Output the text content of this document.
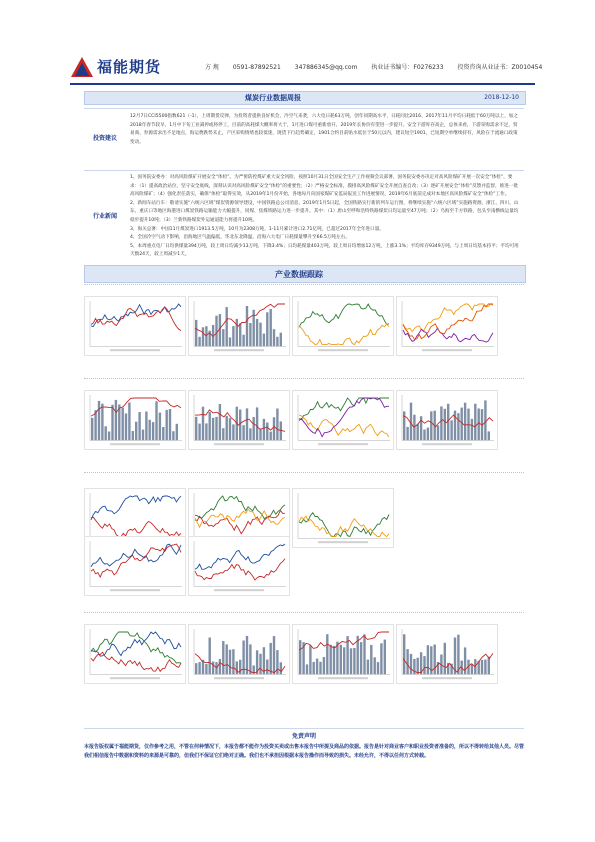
福能期货	方 规 0591-87892521 347886345@qq.com 执业证书编号：F0276233 投资咨询从业证书：Z0010454
煤炭行业数据周报	2018-12-10
投资建议
12月7日CCI5500指数621（-1），上周期货反弹，为投资者提供良好机会，冷空气来袭，六大电日耗63万吨，创年同期高水平，日耗同比2016、2017年11月平均日耗低于60万吨以上，加之2018年春节较早，1月中下旬工业减停或将停工，目前的高耗煤大概率将大于，1月进口煤可重新放开，2019年长协价有望进一步提升。安全下游库存高企，总体来看，下游采购需求不足，贸易商、券源需求出不足地点，海运费跌势未止，产区采购情绪也较低迷，现货下行趋势确定，1901合约目前贴水低位于50元以内，建议短空1901，已短期空单继续持有，风险在于流通口政策变动。
行业新闻

1、国务院安委办：对高风险煤矿开展安全“体检”。为严密防控煤矿重大安全风险，按照10月31日全国安全生产工作视频会议部署，国务院安委办决定对高风险煤矿开展一次安全“体检”，要求：（1）提高政治站位，坚守安全底线，深刻认识对高风险煤矿安全“体检”的重要性；（2）严格安全标准，摸排高风险煤矿安全开展自查自改；（3）逐矿开展安全“体检”反馈并监督，推进一批高风险煤矿；（4）强化责任落实，确保“体检”取得实效，从2019年1月份开始，各地每月向国家煤矿安监局报送工作进展情况，2019年6月底前完成对本地区高风险煤矿安全“体检”工作。

2、新闻车站行车：敬请实施“六统六区域”煤炭资源领导建设，中国铁路总公司消息，2019年1月5日起，全国铁路实行新的列车运行图，将继续实施“六统六区域”实施路资源，浙江、四川、山东、重庆口等地区海港进口煤炭铁路运输能力大幅提升，同煤、焦煤铁路运力进一步提升。其中：（1）唐山至呼和浩特铁路煤炭日均运量至47万吨；（2）乌海至千方铁路，包头至南横线运量均稳步提升10吨；（3）兰新铁路煤炭外运通道能力将提升10吨。

3、海关总署：中国11月煤炭进口1913.5万吨，10月为2308万吨，1-11月累计进口2.71亿吨，已超过2017年全年进口量。

4、全国冷空气动下影响，沿海地区气温偏低，华北东北降温，沿海六大电厂日耗煤量攀升至66.5万吨左右。

5、本周重点电厂日均供煤量394万吨，较上周日均减少13万吨，下降3.4%；日均耗煤量403万吨，较上周日均增加12万吨，上涨3.1%；平均库存9349万吨，与上周日均基本持平；平均可用天数24天，较上周减少1天。

产业数据跟踪
免责声明
本报告版权属于福能期货，仅作参考之用，不管在何种情况下，本报告都不能作为投资买卖或出售本报告中所提及商品的依据。报告是针对商业客户和职业投资者准备的，所以不得转给其他人员。尽管我们相信报告中数据和资料的来源是可靠的，但我们不保证它们绝对正确。我们也不承担因根据本报告操作而导致的损失。未经允许，不得以任何方式转载。
